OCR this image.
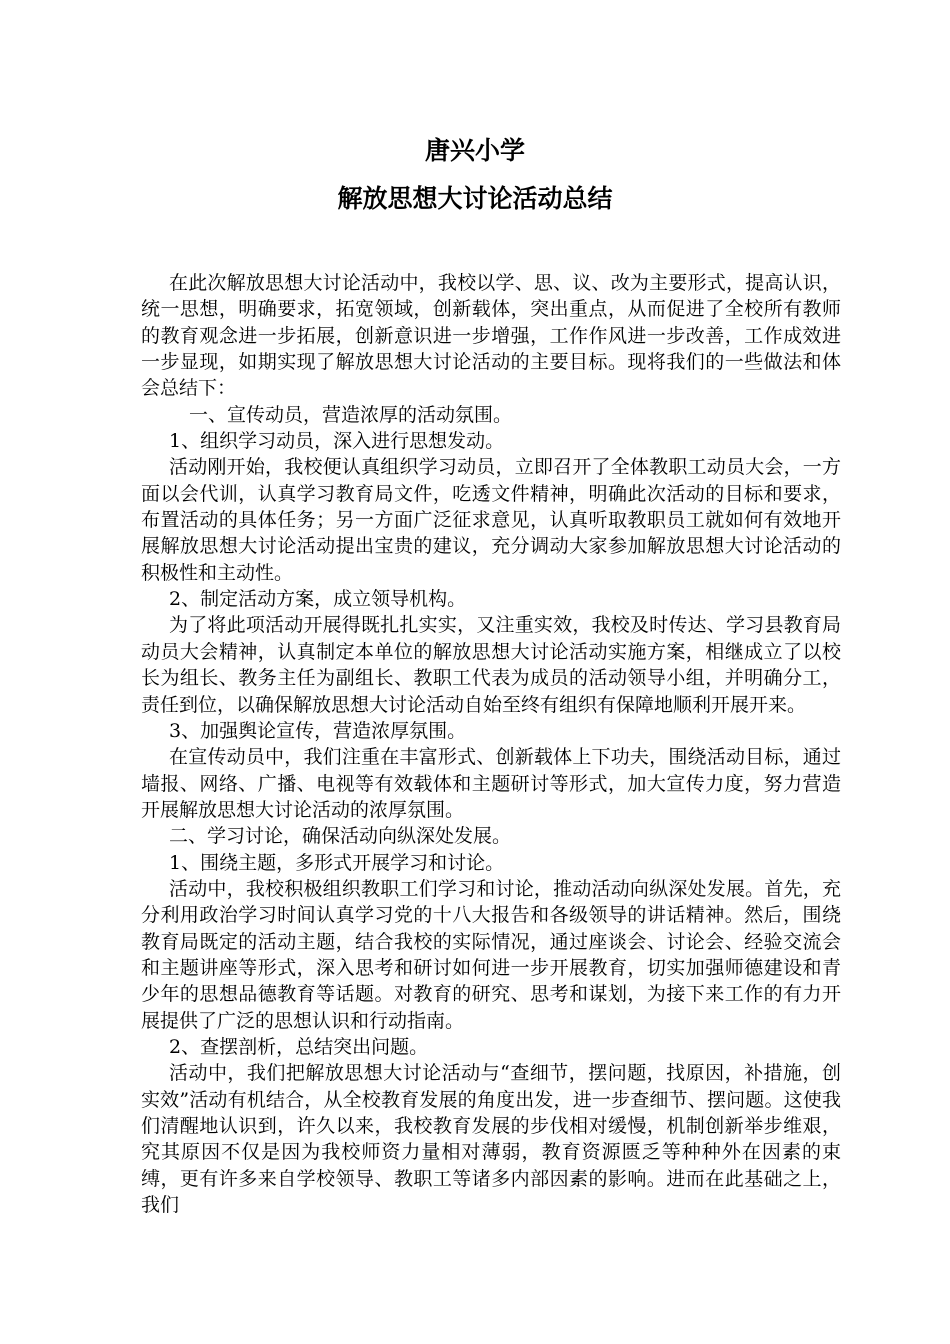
唐兴小学
解放思想大讨论活动总结

在此次解放思想大讨论活动中，我校以学、思、议、改为主要形式，提高认识，统一思想，明确要求，拓宽领域，创新载体，突出重点，从而促进了全校所有教师的教育观念进一步拓展，创新意识进一步增强，工作作风进一步改善，工作成效进一步显现，如期实现了解放思想大讨论活动的主要目标。现将我们的一些做法和体会总结下：

一、宣传动员，营造浓厚的活动氛围。

1、组织学习动员，深入进行思想发动。

活动刚开始，我校便认真组织学习动员，立即召开了全体教职工动员大会，一方面以会代训，认真学习教育局文件，吃透文件精神，明确此次活动的目标和要求，布置活动的具体任务；另一方面广泛征求意见，认真听取教职员工就如何有效地开展解放思想大讨论活动提出宝贵的建议，充分调动大家参加解放思想大讨论活动的积极性和主动性。

2、制定活动方案，成立领导机构。

为了将此项活动开展得既扎扎实实，又注重实效，我校及时传达、学习县教育局动员大会精神，认真制定本单位的解放思想大讨论活动实施方案，相继成立了以校长为组长、教务主任为副组长、教职工代表为成员的活动领导小组，并明确分工，责任到位，以确保解放思想大讨论活动自始至终有组织有保障地顺利开展开来。

3、加强舆论宣传，营造浓厚氛围。

在宣传动员中，我们注重在丰富形式、创新载体上下功夫，围绕活动目标，通过墙报、网络、广播、电视等有效载体和主题研讨等形式，加大宣传力度，努力营造开展解放思想大讨论活动的浓厚氛围。

二、学习讨论，确保活动向纵深处发展。

1、围绕主题，多形式开展学习和讨论。

活动中，我校积极组织教职工们学习和讨论，推动活动向纵深处发展。首先，充分利用政治学习时间认真学习党的十八大报告和各级领导的讲话精神。然后，围绕教育局既定的活动主题，结合我校的实际情况，通过座谈会、讨论会、经验交流会和主题讲座等形式，深入思考和研讨如何进一步开展教育，切实加强师德建设和青少年的思想品德教育等话题。对教育的研究、思考和谋划，为接下来工作的有力开展提供了广泛的思想认识和行动指南。

2、查摆剖析，总结突出问题。

活动中，我们把解放思想大讨论活动与“查细节，摆问题，找原因，补措施，创实效”活动有机结合，从全校教育发展的角度出发，进一步查细节、摆问题。这使我们清醒地认识到，许久以来，我校教育发展的步伐相对缓慢，机制创新举步维艰，究其原因不仅是因为我校师资力量相对薄弱，教育资源匮乏等种种外在因素的束缚，更有许多来自学校领导、教职工等诸多内部因素的影响。进而在此基础之上，我们
